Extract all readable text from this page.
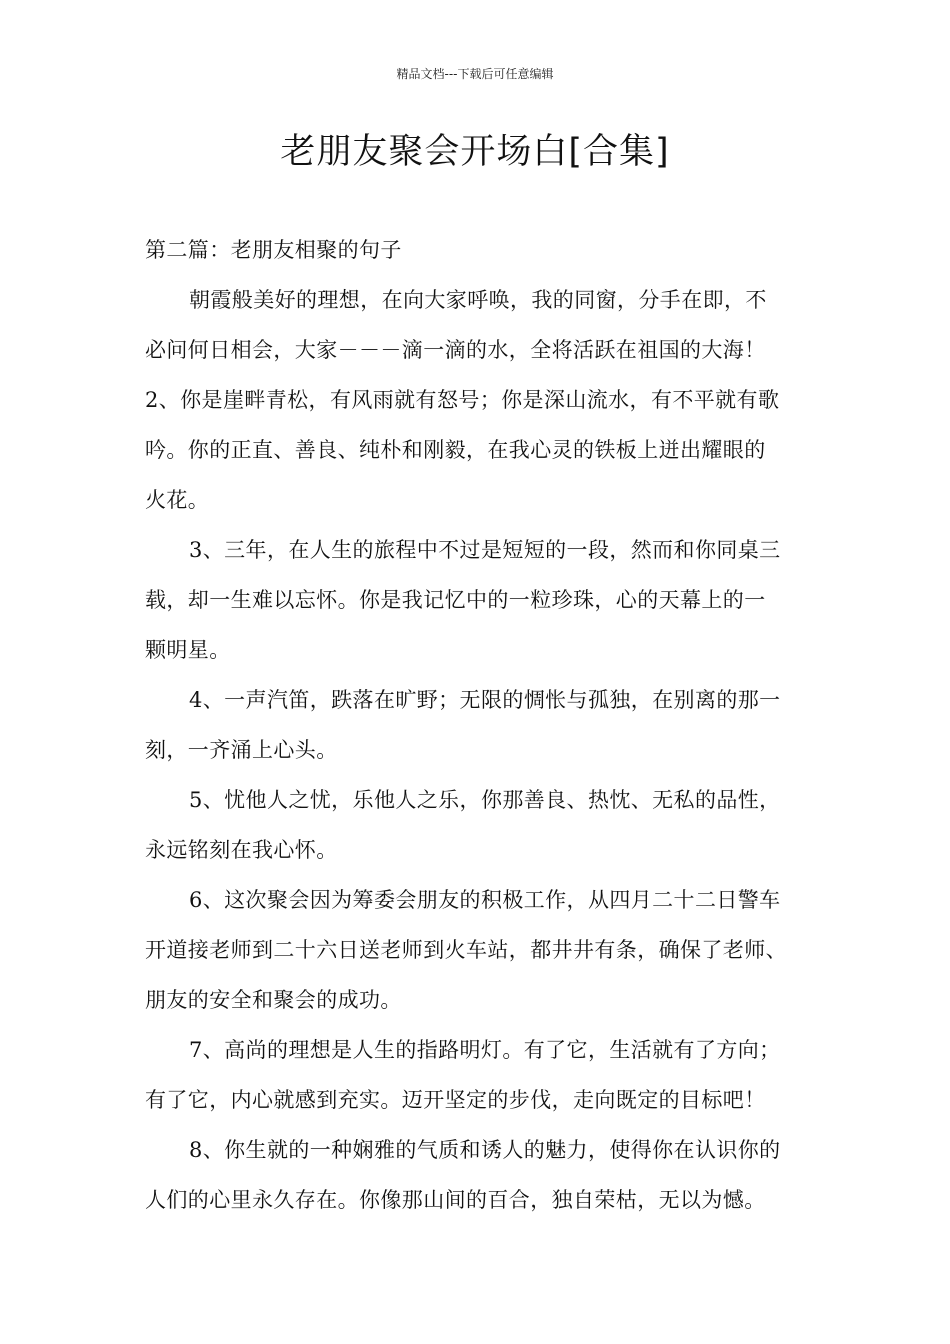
精品文档---下载后可任意编辑
老朋友聚会开场白[合集]
第二篇：老朋友相聚的句子
朝霞般美好的理想，在向大家呼唤，我的同窗，分手在即，不
必问何日相会，大家－－－滴一滴的水，全将活跃在祖国的大海！
2、你是崖畔青松，有风雨就有怒号；你是深山流水，有不平就有歌
吟。你的正直、善良、纯朴和刚毅，在我心灵的铁板上迸出耀眼的
火花。
3、三年，在人生的旅程中不过是短短的一段，然而和你同桌三
载，却一生难以忘怀。你是我记忆中的一粒珍珠，心的天幕上的一
颗明星。
4、一声汽笛，跌落在旷野；无限的惆怅与孤独，在别离的那一
刻，一齐涌上心头。
5、忧他人之忧，乐他人之乐，你那善良、热忱、无私的品性，
永远铭刻在我心怀。
6、这次聚会因为筹委会朋友的积极工作，从四月二十二日警车
开道接老师到二十六日送老师到火车站，都井井有条，确保了老师、
朋友的安全和聚会的成功。
7、高尚的理想是人生的指路明灯。有了它，生活就有了方向；
有了它，内心就感到充实。迈开坚定的步伐，走向既定的目标吧！
8、你生就的一种娴雅的气质和诱人的魅力，使得你在认识你的
人们的心里永久存在。你像那山间的百合，独自荣枯，无以为憾。
